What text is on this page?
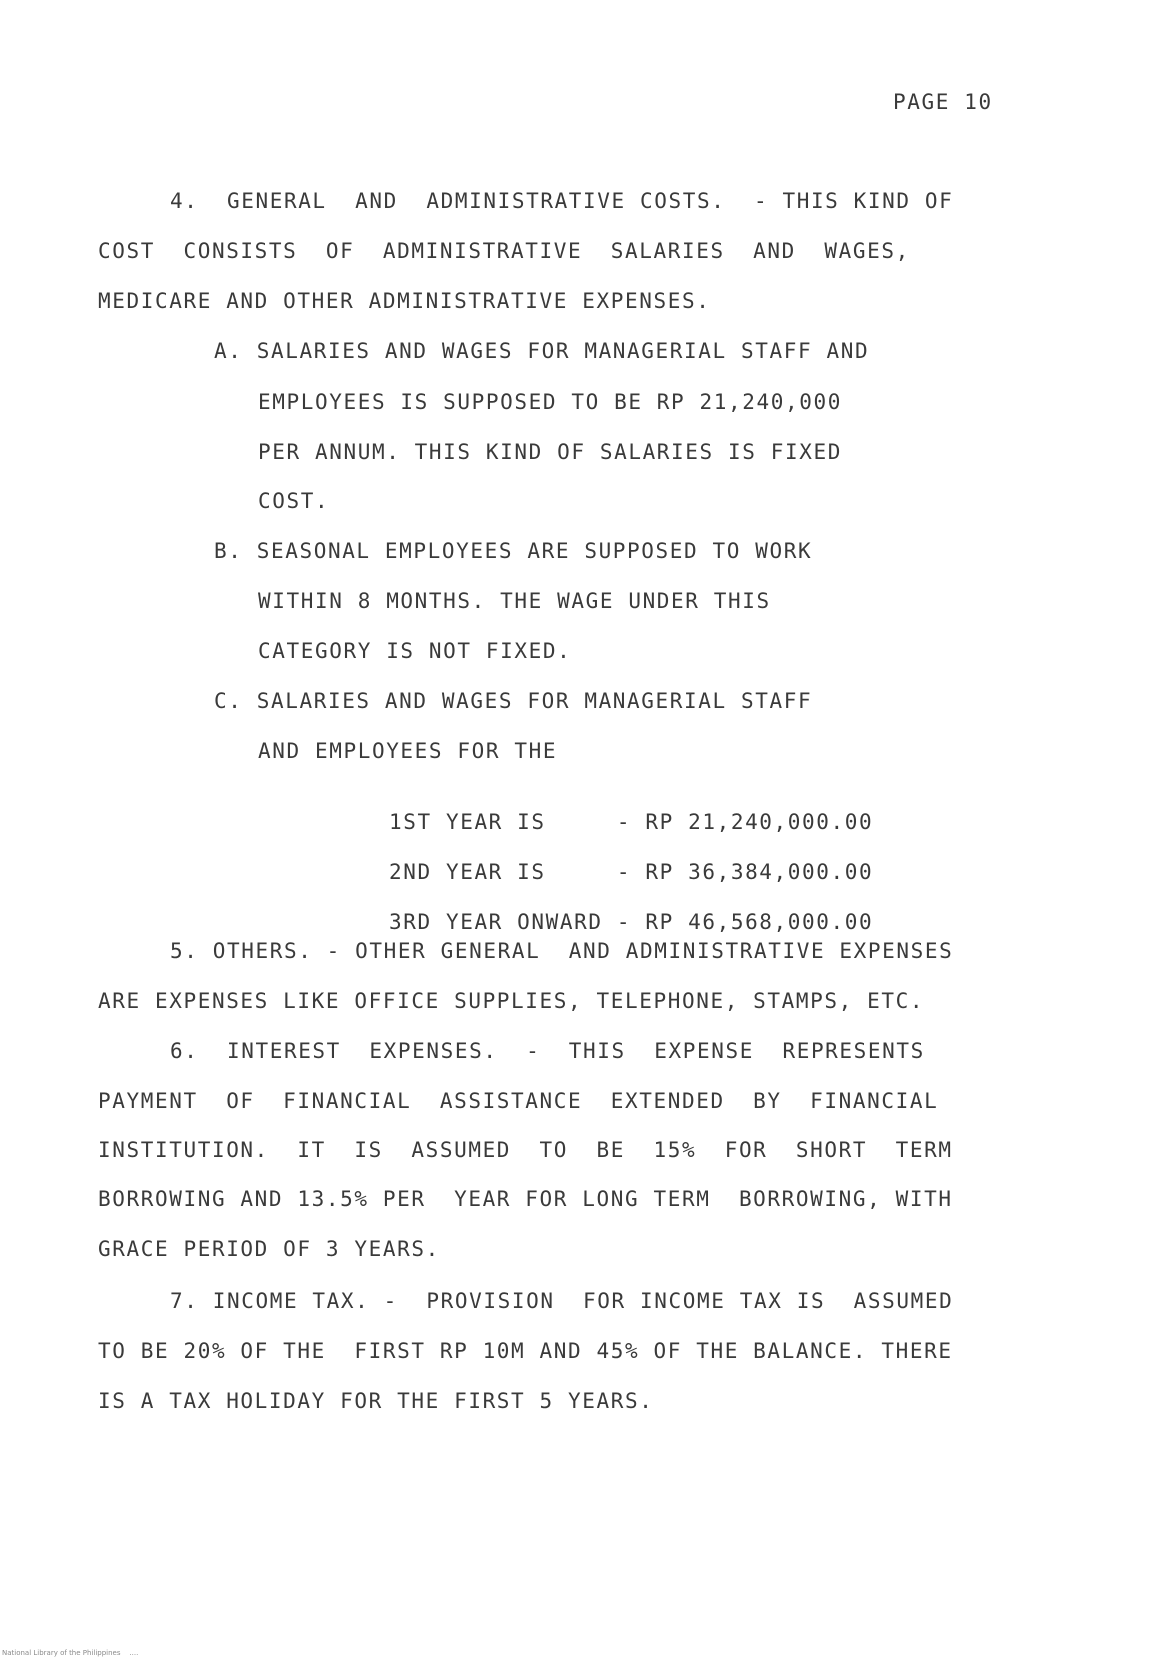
PAGE 10
4.  GENERAL  AND  ADMINISTRATIVE COSTS.  - THIS KIND OF
COST  CONSISTS  OF  ADMINISTRATIVE  SALARIES  AND  WAGES,
MEDICARE AND OTHER ADMINISTRATIVE EXPENSES.
A. SALARIES AND WAGES FOR MANAGERIAL STAFF AND
EMPLOYEES IS SUPPOSED TO BE RP 21,240,000
PER ANNUM. THIS KIND OF SALARIES IS FIXED
COST.
B. SEASONAL EMPLOYEES ARE SUPPOSED TO WORK
WITHIN 8 MONTHS. THE WAGE UNDER THIS
CATEGORY IS NOT FIXED.
C. SALARIES AND WAGES FOR MANAGERIAL STAFF
AND EMPLOYEES FOR THE

1ST YEAR IS     - RP 21,240,000.00

2ND YEAR IS     - RP 36,384,000.00

3RD YEAR ONWARD - RP 46,568,000.00

5. OTHERS. - OTHER GENERAL  AND ADMINISTRATIVE EXPENSES
ARE EXPENSES LIKE OFFICE SUPPLIES, TELEPHONE, STAMPS, ETC.
6.  INTEREST  EXPENSES.  -  THIS  EXPENSE  REPRESENTS
PAYMENT  OF  FINANCIAL  ASSISTANCE  EXTENDED  BY  FINANCIAL
INSTITUTION.  IT  IS  ASSUMED  TO  BE  15%  FOR  SHORT  TERM
BORROWING AND 13.5% PER  YEAR FOR LONG TERM  BORROWING, WITH
GRACE PERIOD OF 3 YEARS.
7. INCOME TAX. -  PROVISION  FOR INCOME TAX IS  ASSUMED
TO BE 20% OF THE  FIRST RP 10M AND 45% OF THE BALANCE. THERE
IS A TAX HOLIDAY FOR THE FIRST 5 YEARS.
National Library of the Philippines    ....
